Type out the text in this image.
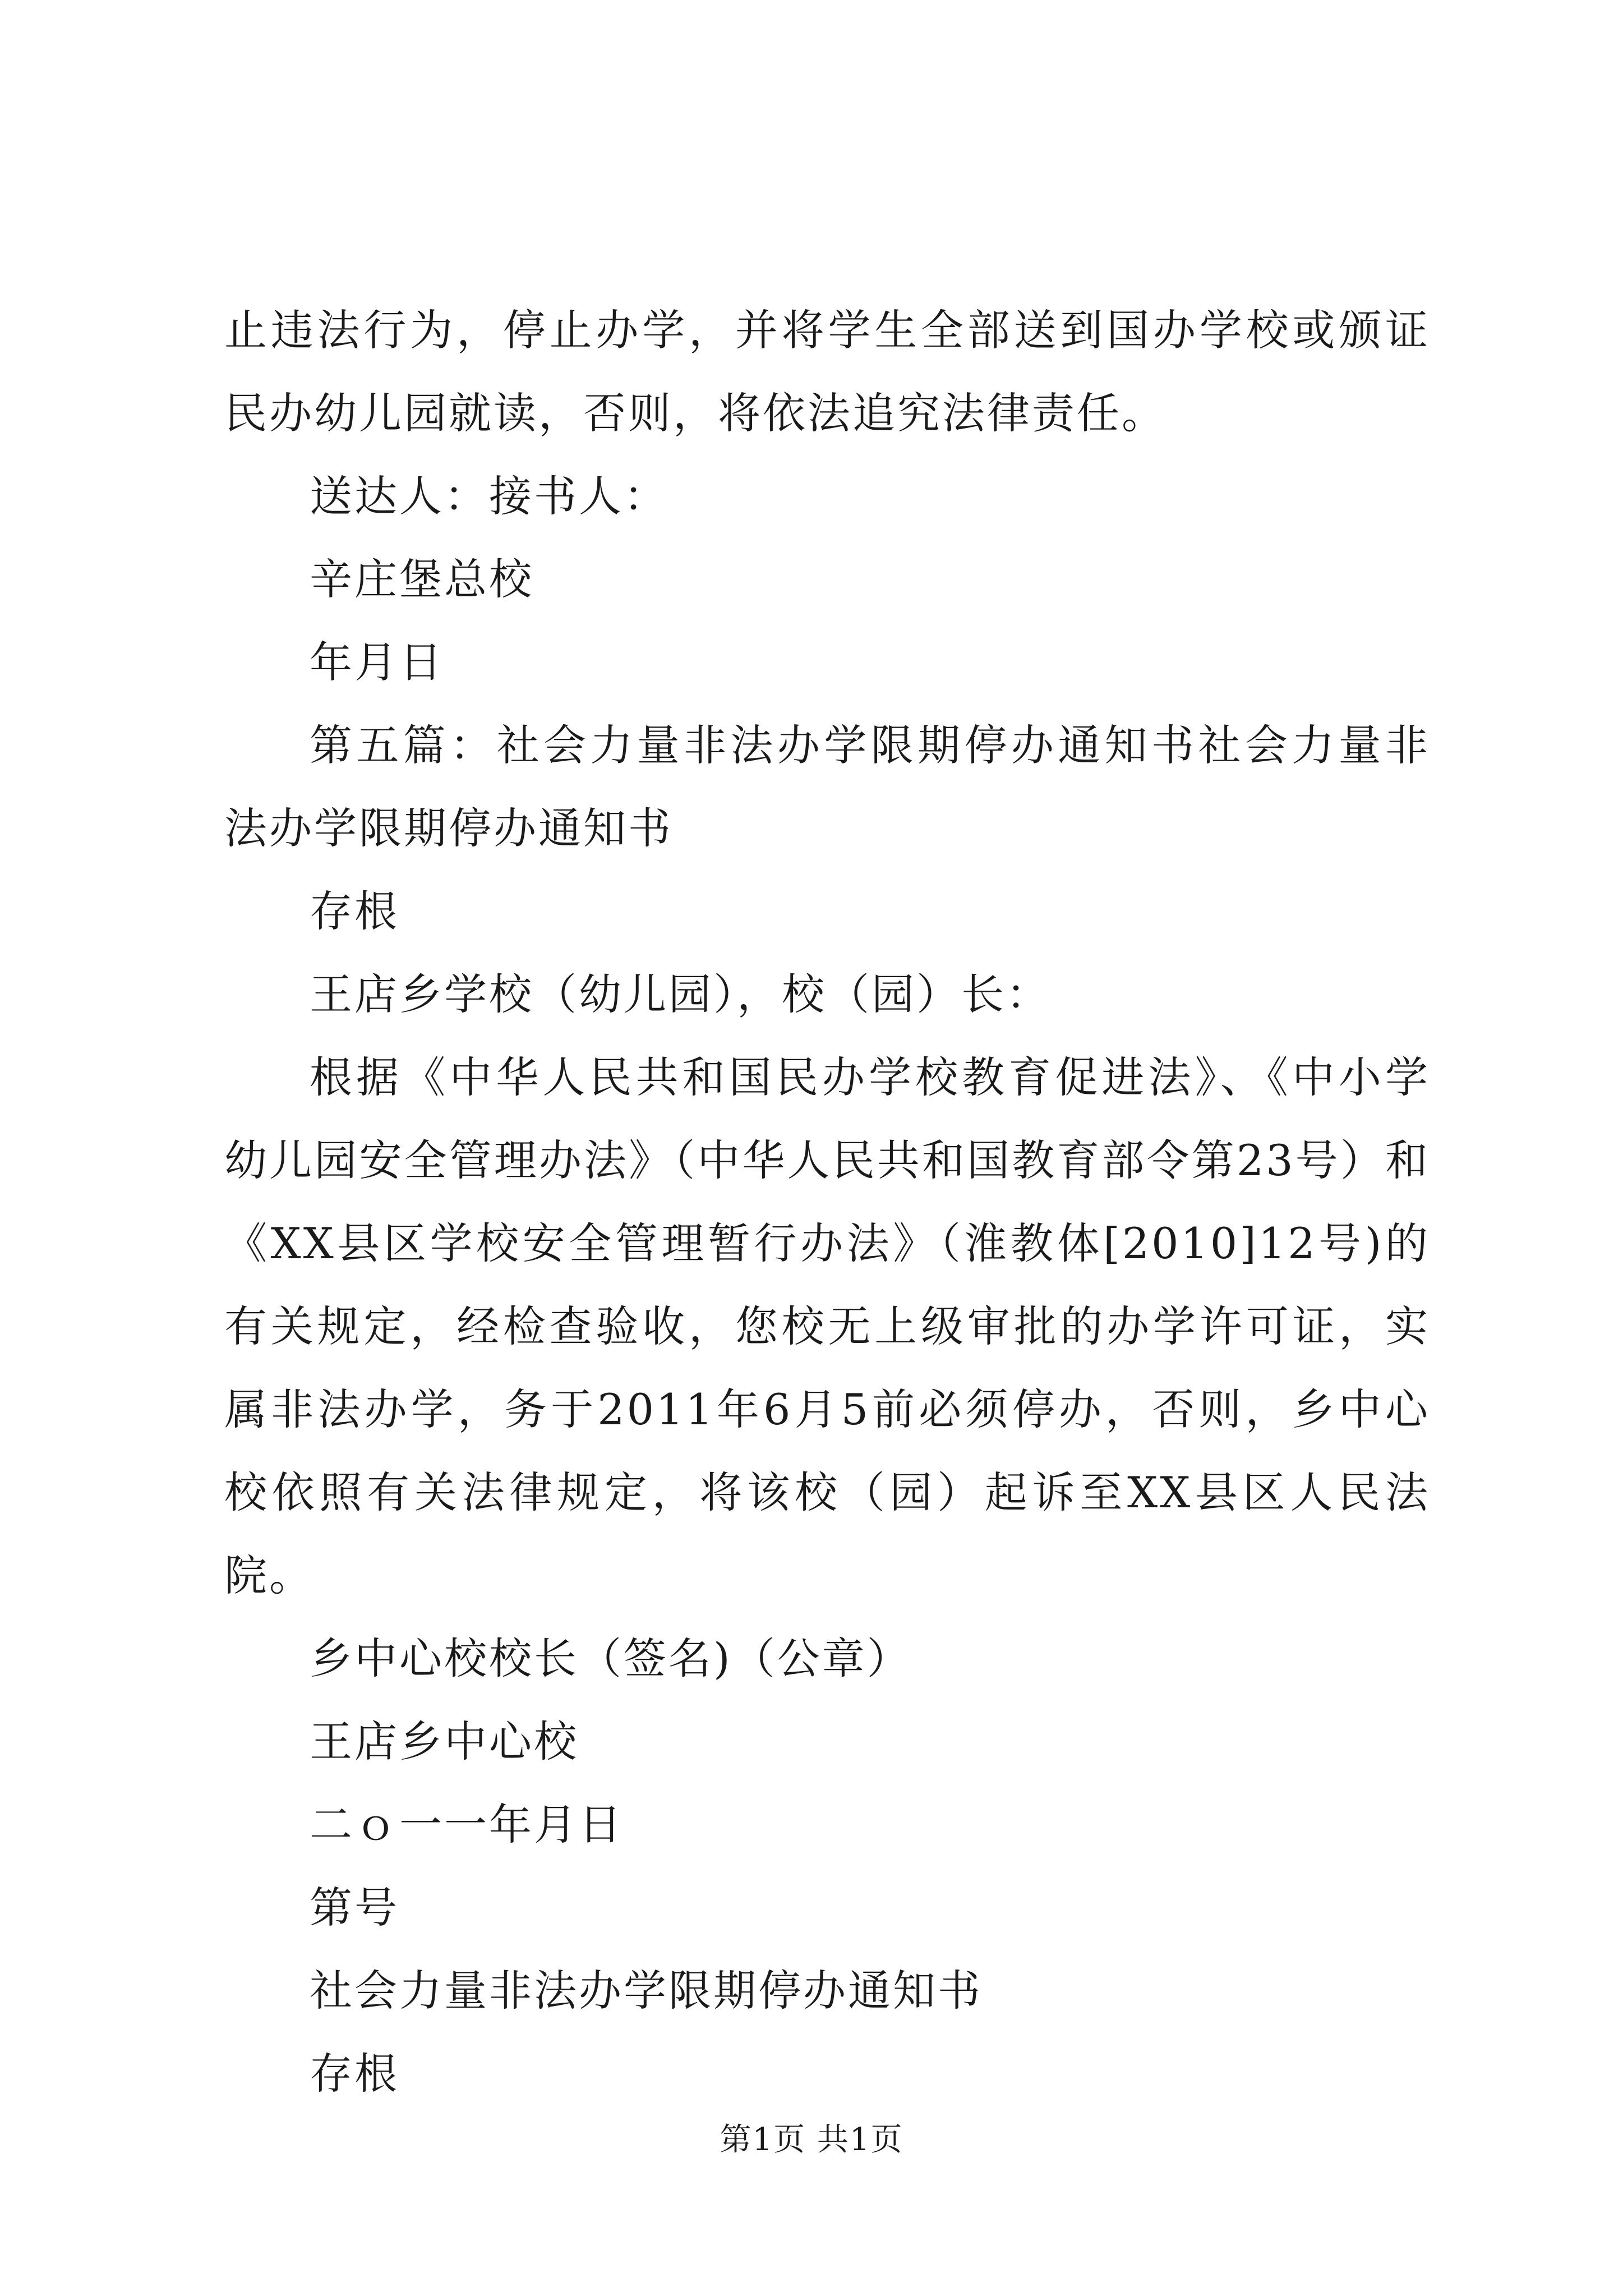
止违法行为，停止办学，并将学生全部送到国办学校或颁证民办幼儿园就读，否则，将依法追究法律责任。

送达人：接书人：

辛庄堡总校

年月日

第五篇：社会力量非法办学限期停办通知书社会力量非法办学限期停办通知书

存根

王店乡学校（幼儿园），校（园）长：

根据《中华人民共和国民办学校教育促进法》、《中小学幼儿园安全管理办法》（中华人民共和国教育部令第23号）和《XX县区学校安全管理暂行办法》（淮教体[2010]12号)的有关规定，经检查验收，您校无上级审批的办学许可证，实属非法办学，务于2011年6月5前必须停办，否则，乡中心校依照有关法律规定，将该校（园）起诉至XX县区人民法院。

乡中心校校长（签名)（公章）

王店乡中心校

二ｏ一一年月日

第号

社会力量非法办学限期停办通知书

存根

第1页 共1页
